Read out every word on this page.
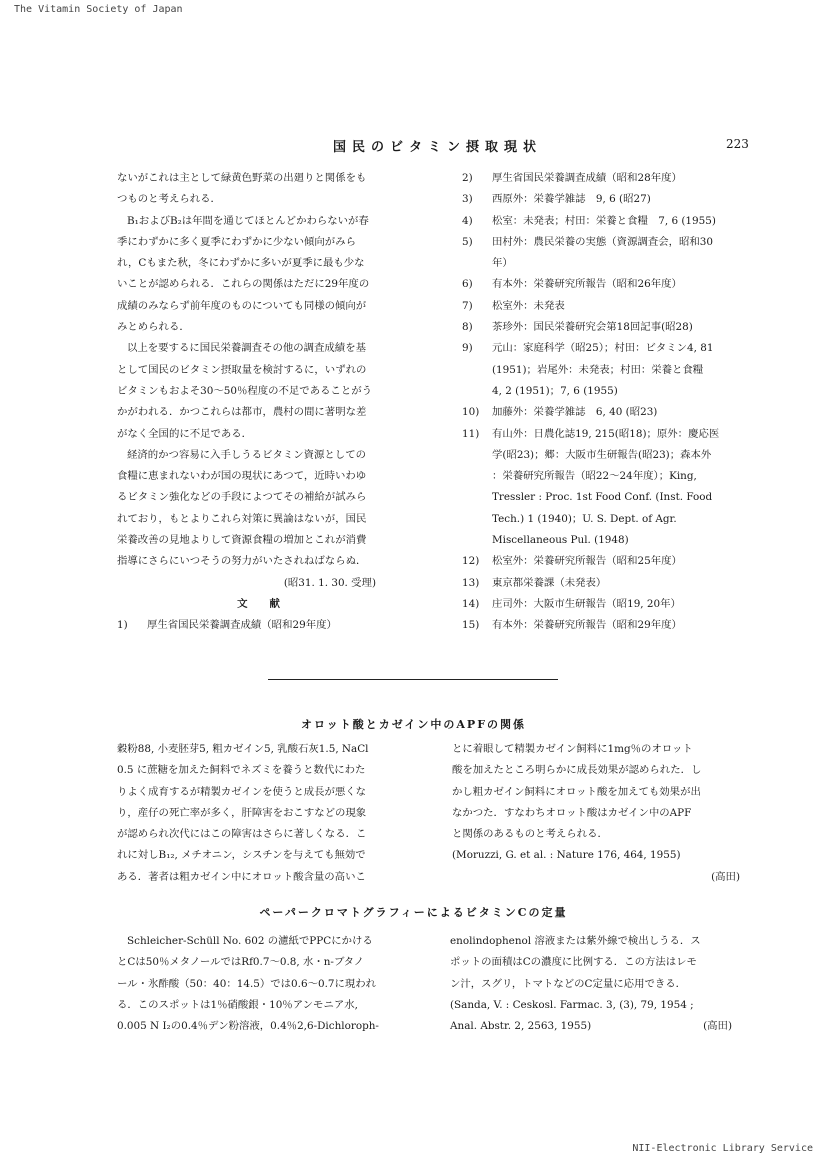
The Vitamin Society of Japan
NII-Electronic Library Service
国民のビタミン摂取現状	223
ないがこれは主として緑黄色野菜の出廻りと関係をも
つものと考えられる．
B₁およびB₂は年間を通じてほとんどかわらないが春
季にわずかに多く夏季にわずかに少ない傾向がみら
れ，Cもまた秋，冬にわずかに多いが夏季に最も少な
いことが認められる．これらの関係はただに29年度の
成績のみならず前年度のものについても同様の傾向が
みとめられる．
以上を要するに国民栄養調査その他の調査成績を基
として国民のビタミン摂取量を検討するに，いずれの
ビタミンもおよそ30～50％程度の不足であることがう
かがわれる．かつこれらは都市，農村の間に著明な差
がなく全国的に不足である．
経済的かつ容易に入手しうるビタミン資源としての
食糧に恵まれないわが国の現状にあつて，近時いわゆ
るビタミン強化などの手段によつてその補給が試みら
れており，もとよりこれら対策に異論はないが，国民
栄養改善の見地よりして資源食糧の増加とこれが消費
指導にさらにいつそうの努力がいたされねばならぬ．
(昭31. 1. 30. 受理)
文献
1)	厚生省国民栄養調査成績（昭和29年度）
2)	厚生省国民栄養調査成績（昭和28年度）
3)	西原外：栄養学雑誌　9, 6 (昭27)
4)	松室：未発表；村田：栄養と食糧　7, 6 (1955)
5)	田村外：農民栄養の実態（資源調査会，昭和30
年）
6)	有本外：栄養研究所報告（昭和26年度）
7)	松室外：未発表
8)	茶珍外：国民栄養研究会第18回記事(昭28)
9)	元山：家庭科学（昭25）；村田：ビタミン4, 81
(1951)；岩尾外：未発表；村田：栄養と食糧
4, 2 (1951)；7, 6 (1955)
10)	加藤外：栄養学雑誌　6, 40 (昭23)
11)	有山外：日農化誌19, 215(昭18)；原外：慶応医
学(昭23)；郷：大阪市生研報告(昭23)；森本外
：栄養研究所報告（昭22～24年度）；King,
Tressler : Proc. 1st Food Conf. (Inst. Food
Tech.) 1 (1940)；U. S. Dept. of Agr.
Miscellaneous Pul. (1948)
12)	松室外：栄養研究所報告（昭和25年度）
13)	東京都栄養課（未発表）
14)	庄司外：大阪市生研報告（昭19, 20年）
15)	有本外：栄養研究所報告（昭和29年度）
オロット酸とカゼイン中のAPFの関係
穀粉88, 小麦胚芽5, 粗カゼイン5, 乳酸石灰1.5, NaCl
0.5 に蔗糖を加えた飼料でネズミを養うと数代にわた
りよく成育するが精製カゼインを使うと成長が悪くな
り，産仔の死亡率が多く，肝障害をおこすなどの現象
が認められ次代にはこの障害はさらに著しくなる．こ
れに対しB₁₂, メチオニン，シスチンを与えても無効で
ある．著者は粗カゼイン中にオロット酸含量の高いこ
とに着眼して精製カゼイン飼料に1mg％のオロット
酸を加えたところ明らかに成長効果が認められた．し
かし粗カゼイン飼料にオロット酸を加えても効果が出
なかつた．すなわちオロット酸はカゼイン中のAPF
と関係のあるものと考えられる．
(Moruzzi, G. et al. : Nature 176, 464, 1955)
(高田)
ペーパークロマトグラフィーによるビタミンCの定量
Schleicher-Schüll No. 602 の濾紙でPPCにかける
とCは50％メタノールではRf0.7～0.8, 水・n-ブタノ
ール・氷酢酸（50：40：14.5）では0.6～0.7に現われ
る．このスポットは1％硝酸銀・10％アンモニア水,
0.005 N I₂の0.4％デン粉溶液，0.4％2,6-Dichloroph-
enolindophenol 溶液または紫外線で検出しうる．ス
ポットの面積はCの濃度に比例する．この方法はレモ
ン汁，スグリ，トマトなどのC定量に応用できる．
(Sanda, V. : Ceskosl. Farmac. 3, (3), 79, 1954 ;
Anal. Abstr. 2, 2563, 1955)	(高田)
